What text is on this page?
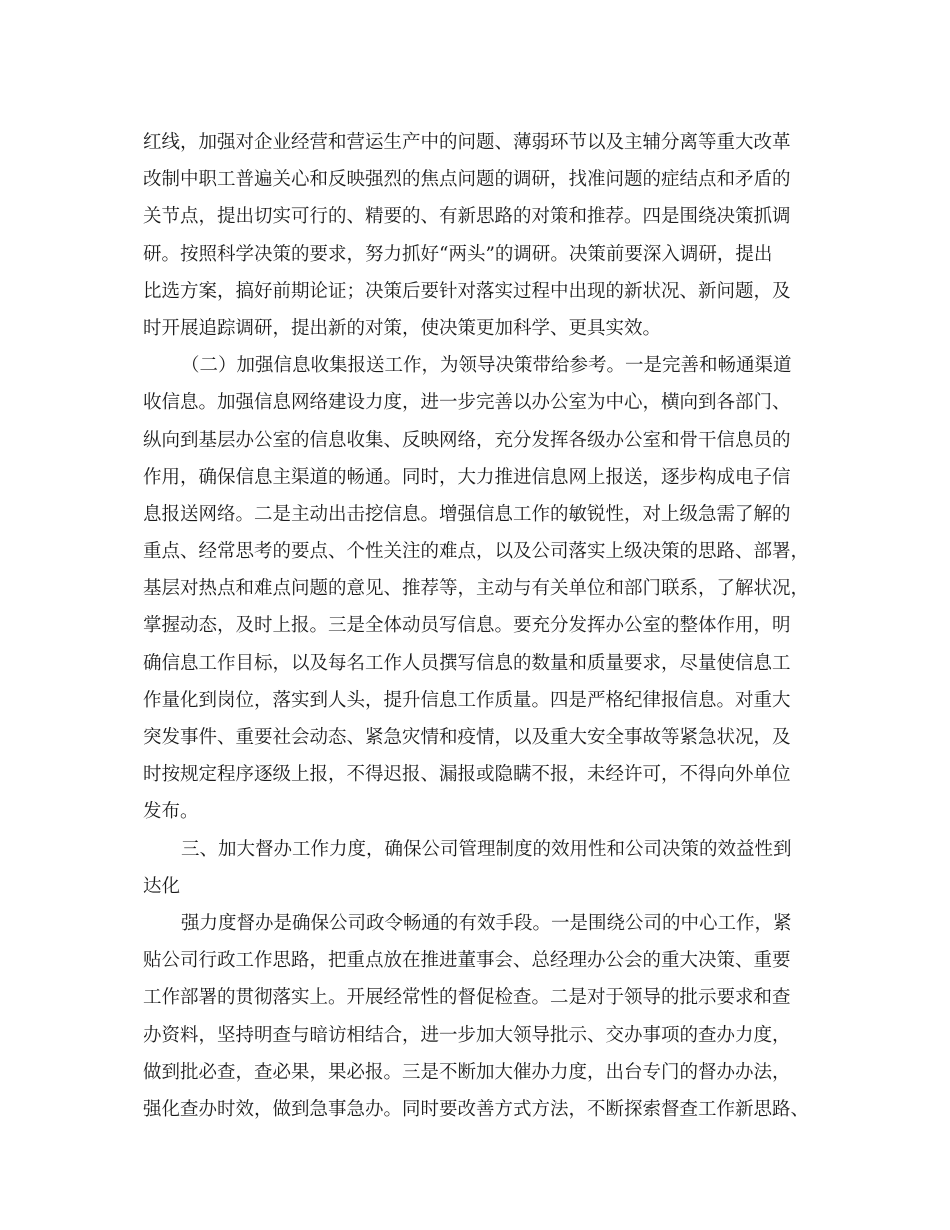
红线，加强对企业经营和营运生产中的问题、薄弱环节以及主辅分离等重大改革
改制中职工普遍关心和反映强烈的焦点问题的调研，找准问题的症结点和矛盾的
关节点，提出切实可行的、精要的、有新思路的对策和推荐。四是围绕决策抓调
研。按照科学决策的要求，努力抓好“两头”的调研。决策前要深入调研，提出
比选方案，搞好前期论证；决策后要针对落实过程中出现的新状况、新问题，及
时开展追踪调研，提出新的对策，使决策更加科学、更具实效。
（二）加强信息收集报送工作，为领导决策带给参考。一是完善和畅通渠道
收信息。加强信息网络建设力度，进一步完善以办公室为中心，横向到各部门、
纵向到基层办公室的信息收集、反映网络，充分发挥各级办公室和骨干信息员的
作用，确保信息主渠道的畅通。同时，大力推进信息网上报送，逐步构成电子信
息报送网络。二是主动出击挖信息。增强信息工作的敏锐性，对上级急需了解的
重点、经常思考的要点、个性关注的难点，以及公司落实上级决策的思路、部署，
基层对热点和难点问题的意见、推荐等，主动与有关单位和部门联系，了解状况，
掌握动态，及时上报。三是全体动员写信息。要充分发挥办公室的整体作用，明
确信息工作目标，以及每名工作人员撰写信息的数量和质量要求，尽量使信息工
作量化到岗位，落实到人头，提升信息工作质量。四是严格纪律报信息。对重大
突发事件、重要社会动态、紧急灾情和疫情，以及重大安全事故等紧急状况，及
时按规定程序逐级上报，不得迟报、漏报或隐瞒不报，未经许可，不得向外单位
发布。
三、加大督办工作力度，确保公司管理制度的效用性和公司决策的效益性到
达化
强力度督办是确保公司政令畅通的有效手段。一是围绕公司的中心工作，紧
贴公司行政工作思路，把重点放在推进董事会、总经理办公会的重大决策、重要
工作部署的贯彻落实上。开展经常性的督促检查。二是对于领导的批示要求和查
办资料，坚持明查与暗访相结合，进一步加大领导批示、交办事项的查办力度，
做到批必查，查必果，果必报。三是不断加大催办力度，出台专门的督办办法，
强化查办时效，做到急事急办。同时要改善方式方法，不断探索督查工作新思路、
